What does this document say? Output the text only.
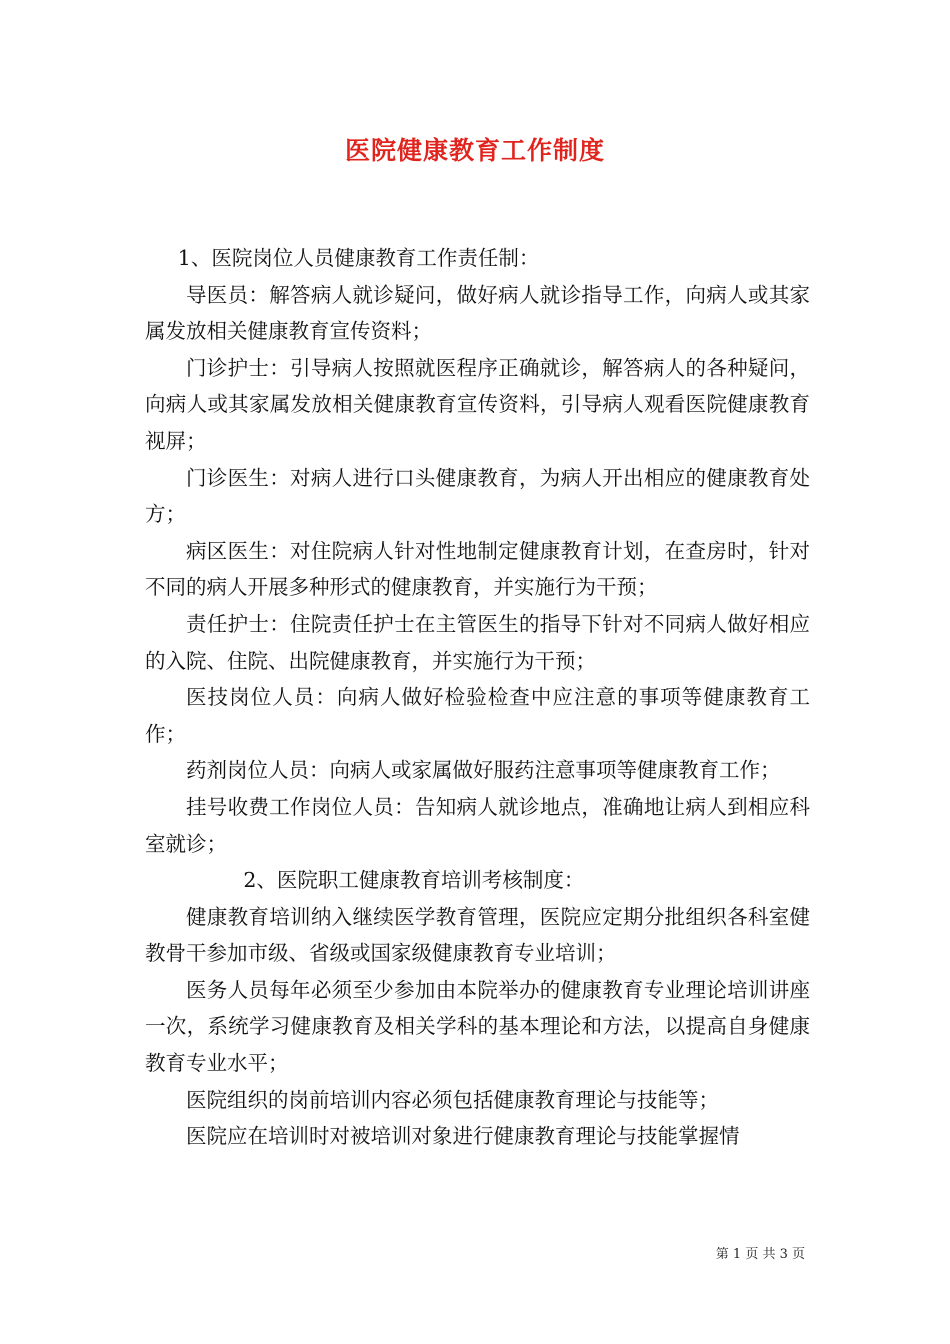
医院健康教育工作制度

1、医院岗位人员健康教育工作责任制：

导医员：解答病人就诊疑问，做好病人就诊指导工作，向病人或其家属发放相关健康教育宣传资料；

门诊护士：引导病人按照就医程序正确就诊，解答病人的各种疑问，向病人或其家属发放相关健康教育宣传资料，引导病人观看医院健康教育视屏；

门诊医生：对病人进行口头健康教育，为病人开出相应的健康教育处方；

病区医生：对住院病人针对性地制定健康教育计划，在查房时，针对不同的病人开展多种形式的健康教育，并实施行为干预；

责任护士：住院责任护士在主管医生的指导下针对不同病人做好相应的入院、住院、出院健康教育，并实施行为干预；

医技岗位人员：向病人做好检验检查中应注意的事项等健康教育工作；

药剂岗位人员：向病人或家属做好服药注意事项等健康教育工作；

挂号收费工作岗位人员：告知病人就诊地点，准确地让病人到相应科室就诊；

2、医院职工健康教育培训考核制度：

健康教育培训纳入继续医学教育管理，医院应定期分批组织各科室健教骨干参加市级、省级或国家级健康教育专业培训；

医务人员每年必须至少参加由本院举办的健康教育专业理论培训讲座一次，系统学习健康教育及相关学科的基本理论和方法，以提高自身健康教育专业水平；

医院组织的岗前培训内容必须包括健康教育理论与技能等；

医院应在培训时对被培训对象进行健康教育理论与技能掌握情

第 1 页 共 3 页
